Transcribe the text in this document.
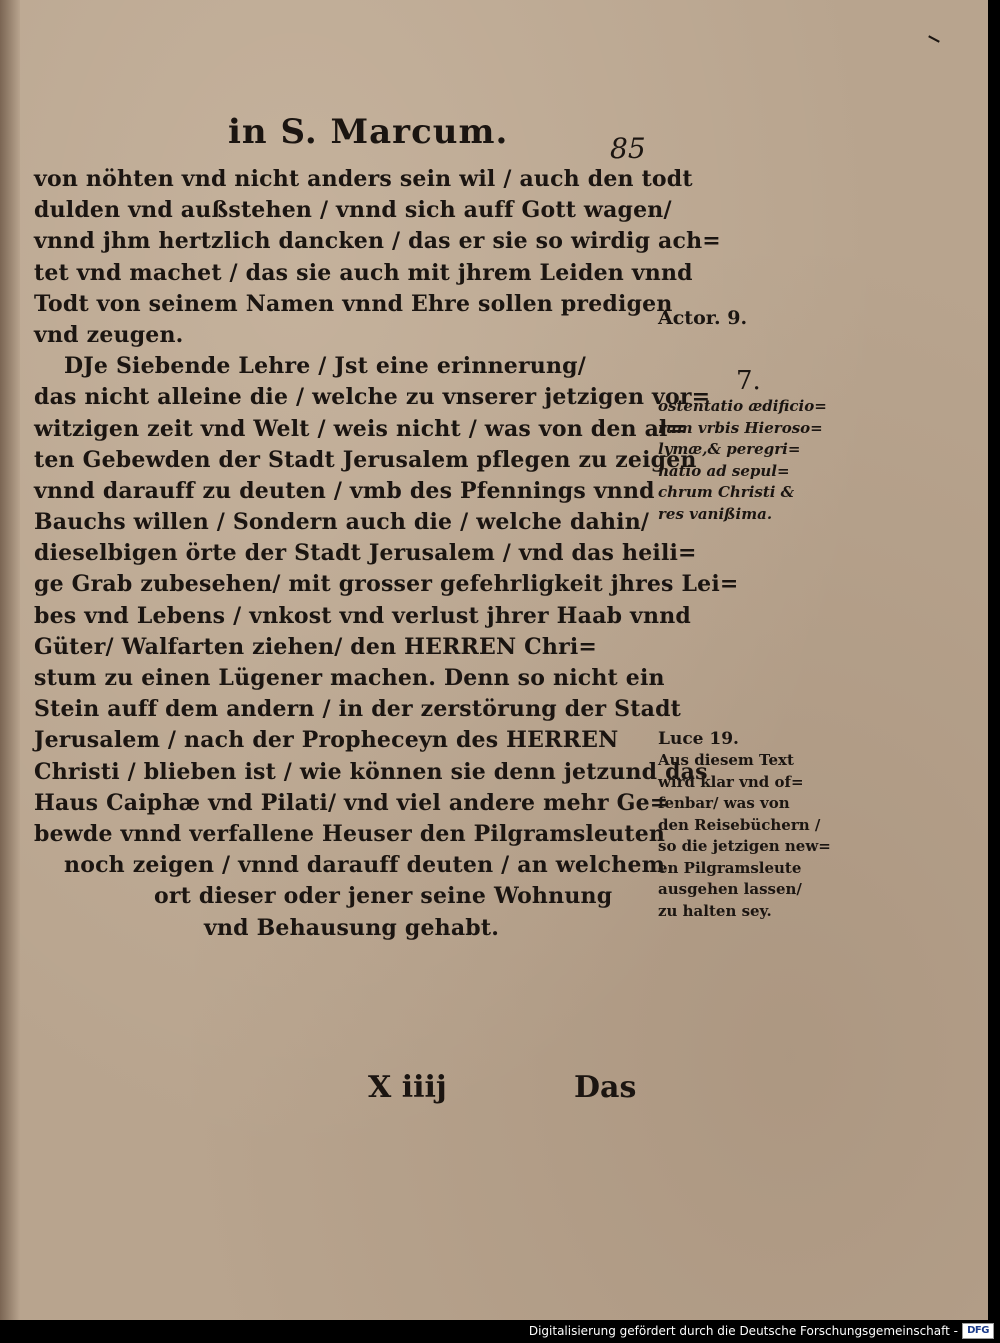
in S. Marcum.	85
von nöhten vnd nicht anders sein wil / auch den todt
dulden vnd außstehen / vnnd sich auff Gott wagen/
vnnd jhm hertzlich dancken / das er sie so wirdig ach=
tet vnd machet / das sie auch mit jhrem Leiden vnnd
Todt von seinem Namen vnnd Ehre sollen predigen
vnd zeugen.
DJe Siebende Lehre / Jst eine erinnerung/
das nicht alleine die / welche zu vnserer jetzigen vor=
witzigen zeit vnd Welt / weis nicht / was von den al=
ten Gebewden der Stadt Jerusalem pflegen zu zeigen
vnnd darauff zu deuten / vmb des Pfennings vnnd
Bauchs willen / Sondern auch die / welche dahin/
dieselbigen örte der Stadt Jerusalem / vnd das heili=
ge Grab zubesehen/ mit grosser gefehrligkeit jhres Lei=
bes vnd Lebens / vnkost vnd verlust jhrer Haab vnnd
Güter/ Walfarten ziehen/ den HERREN Chri=
stum zu einen Lügener machen. Denn so nicht ein
Stein auff dem andern / in der zerstörung der Stadt
Jerusalem / nach der Propheceyn des HERREN
Christi / blieben ist / wie können sie denn jetzund das
Haus Caiphæ vnd Pilati/ vnd viel andere mehr Ge=
bewde vnnd verfallene Heuser den Pilgramsleuten
noch zeigen / vnnd darauff deuten / an welchem
ort dieser oder jener seine Wohnung
vnd Behausung gehabt.
Actor. 9.
7.
ostentatio ædificio=
rum vrbis Hieroso=
lymæ,& peregri=
natio ad sepul=
chrum Christi &
res vanißima.
Luce 19.
Aus diesem Text
wird klar vnd of=
fenbar/ was von
den Reisebüchern /
so die jetzigen new=
en Pilgramsleute
ausgehen lassen/
zu halten sey.
X iiij	Das
Digitalisierung gefördert durch die Deutsche Forschungsgemeinschaft - DFG
